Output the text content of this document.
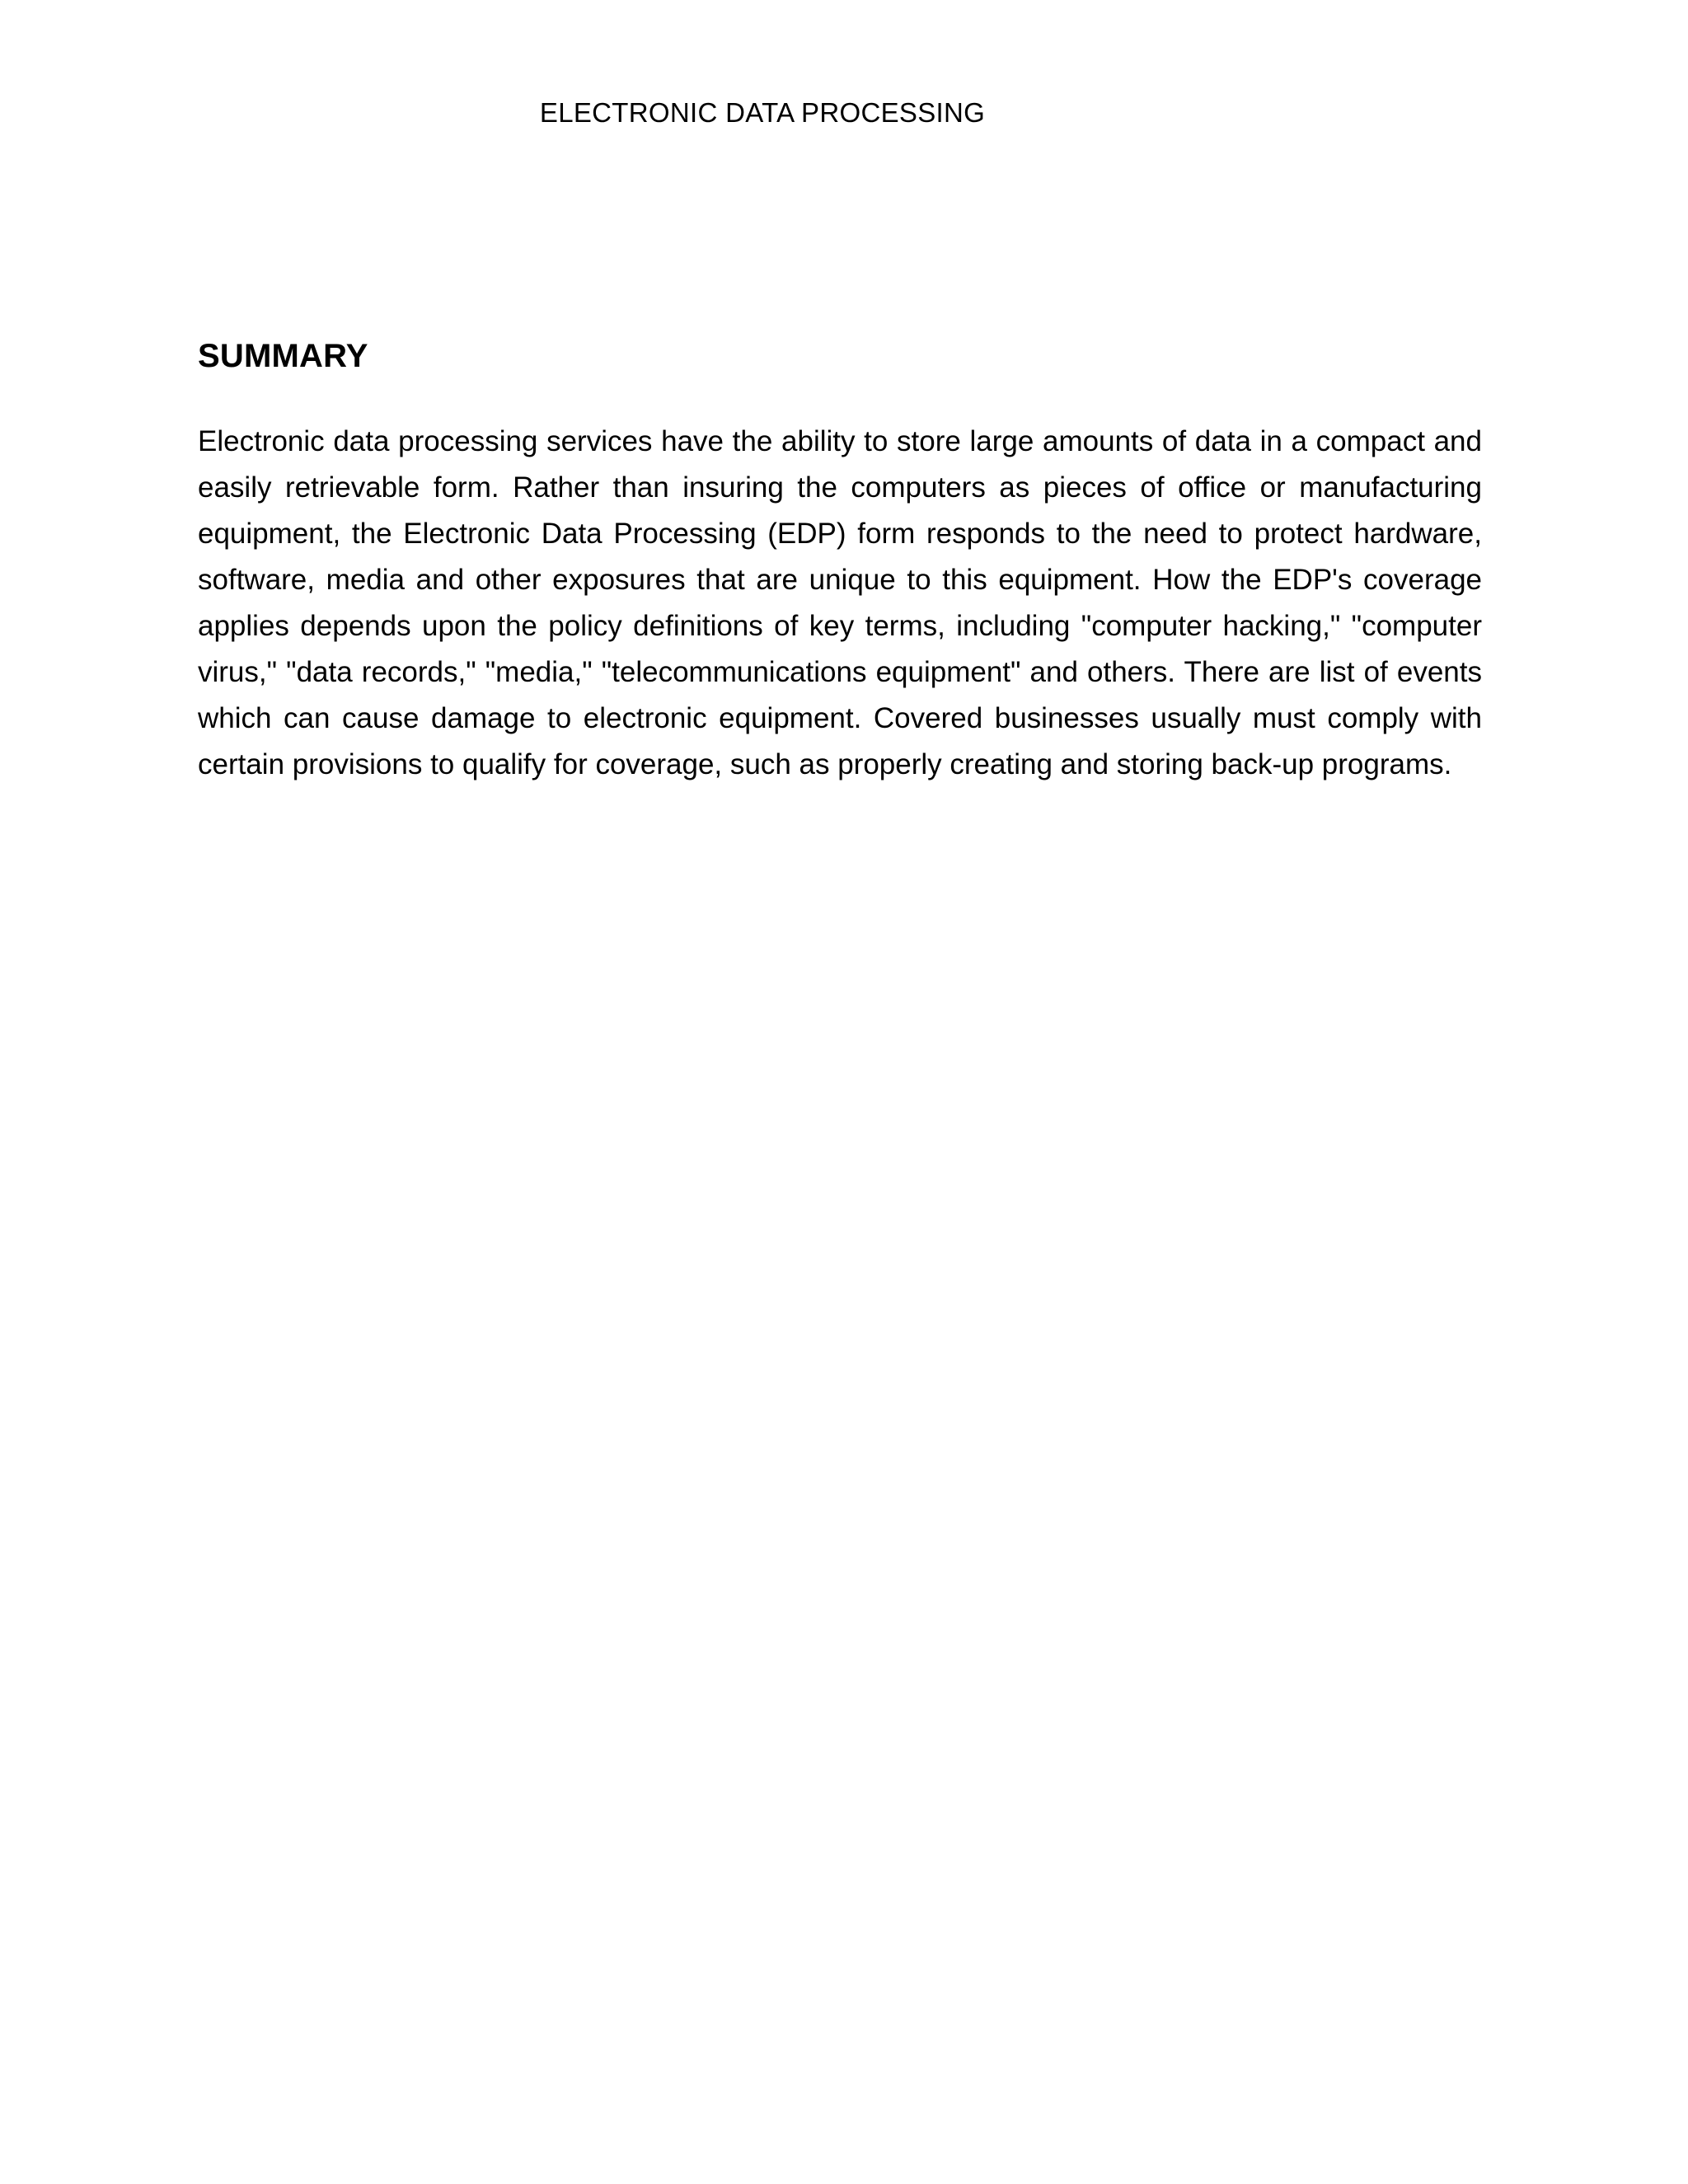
ELECTRONIC DATA PROCESSING
SUMMARY

Electronic data processing services have the ability to store large amounts of data in a compact and easily retrievable form. Rather than insuring the computers as pieces of office or manufacturing equipment, the Electronic Data Processing (EDP) form responds to the need to protect hardware, software, media and other exposures that are unique to this equipment. How the EDP's coverage applies depends upon the policy definitions of key terms, including "computer hacking," "computer virus," "data records," "media," "telecommunications equipment" and others. There are list of events which can cause damage to electronic equipment. Covered businesses usually must comply with certain provisions to qualify for coverage, such as properly creating and storing back-up programs.
